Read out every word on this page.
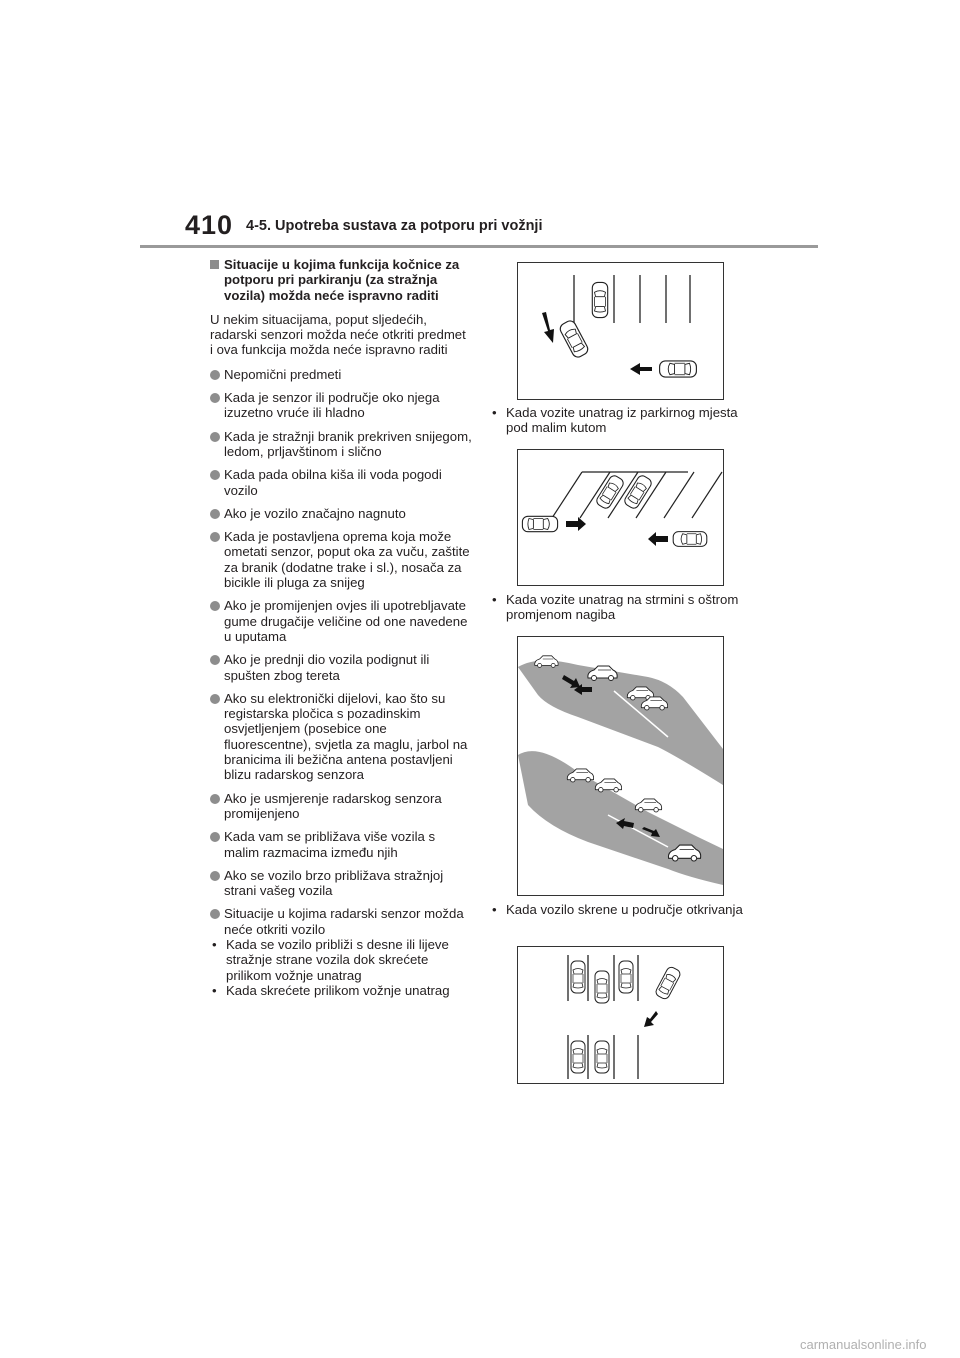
410 4-5. Upotreba sustava za potporu pri vožnji
Situacije u kojima funkcija kočnice za potporu pri parkiranju (za stražnja vozila) možda neće ispravno raditi
U nekim situacijama, poput sljedećih, radarski senzori možda neće otkriti predmet i ova funkcija možda neće ispravno raditi
Nepomični predmeti
Kada je senzor ili područje oko njega izuzetno vruće ili hladno
Kada je stražnji branik prekriven snijegom, ledom, prljavštinom i slično
Kada pada obilna kiša ili voda pogodi vozilo
Ako je vozilo značajno nagnuto
Kada je postavljena oprema koja može ometati senzor, poput oka za vuču, zaštite za branik (dodatne trake i sl.), nosača za bicikle ili pluga za snijeg
Ako je promijenjen ovjes ili upotrebljavate gume drugačije veličine od one navedene u uputama
Ako je prednji dio vozila podignut ili spušten zbog tereta
Ako su elektronički dijelovi, kao što su registarska pločica s pozadinskim osvjetljenjem (posebice one fluorescentne), svjetla za maglu, jarbol na branicima ili bežična antena postavljeni blizu radarskog senzora
Ako je usmjerenje radarskog senzora promijenjeno
Kada vam se približava više vozila s malim razmacima između njih
Ako se vozilo brzo približava stražnjoj strani vašeg vozila
Situacije u kojima radarski senzor možda neće otkriti vozilo
• Kada se vozilo približi s desne ili lijeve stražnje strane vozila dok skrećete prilikom vožnje unatrag
• Kada skrećete prilikom vožnje unatrag
• Kada vozite unatrag iz parkirnog mjesta pod malim kutom
• Kada vozite unatrag na strmini s oštrom promjenom nagiba
• Kada vozilo skrene u područje otkrivanja
carmanualsonline.info
